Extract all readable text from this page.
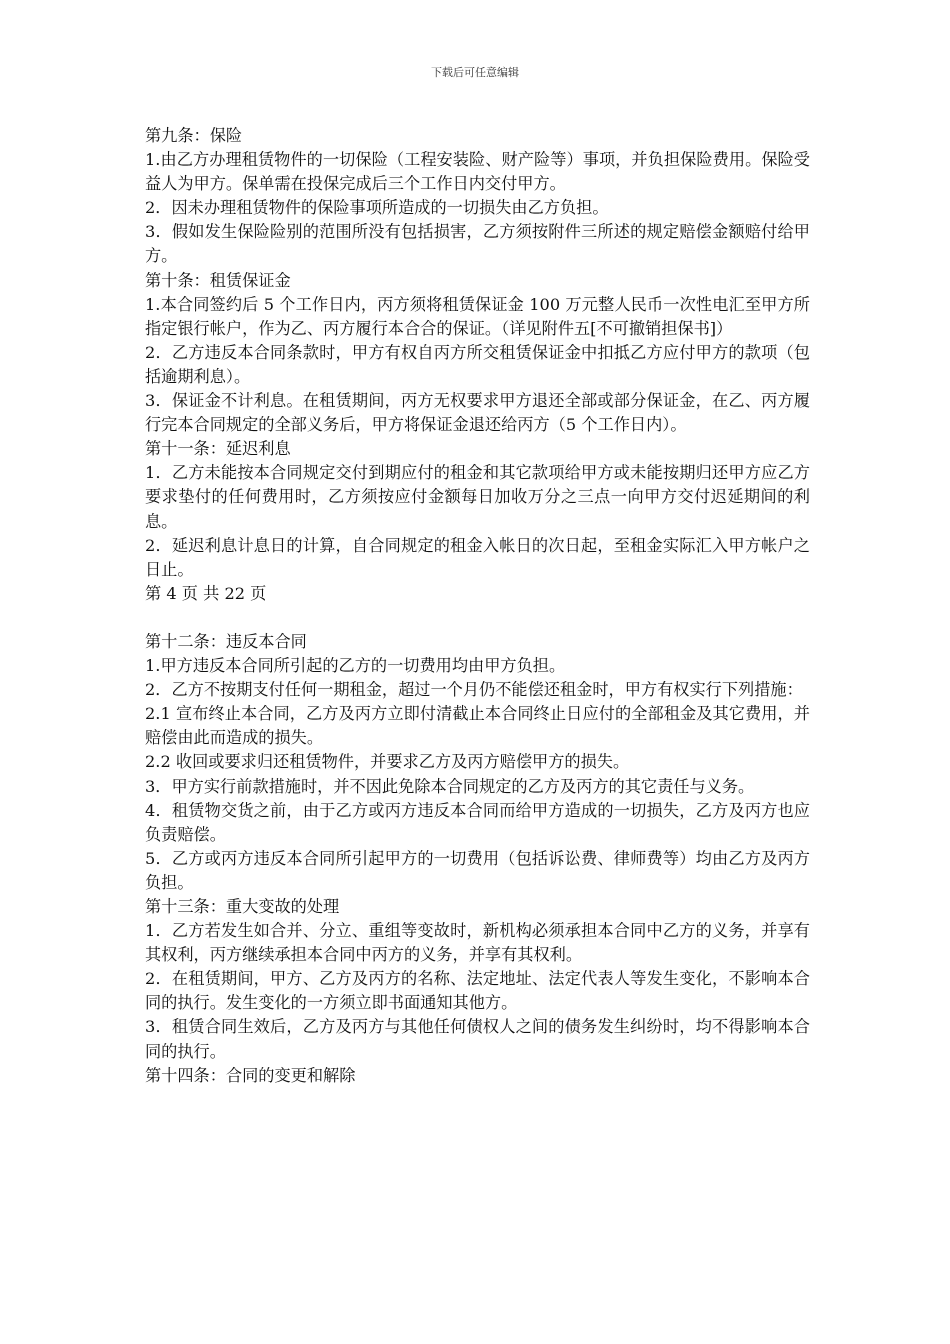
下载后可任意编辑

第九条：保险

1.由乙方办理租赁物件的一切保险（工程安装险、财产险等）事项，并负担保险费用。保险受益人为甲方。保单需在投保完成后三个工作日内交付甲方。

2．因未办理租赁物件的保险事项所造成的一切损失由乙方负担。

3．假如发生保险险别的范围所没有包括损害，乙方须按附件三所述的规定赔偿金额赔付给甲方。

第十条：租赁保证金

1.本合同签约后 5 个工作日内，丙方须将租赁保证金 100 万元整人民币一次性电汇至甲方所指定银行帐户，作为乙、丙方履行本合合的保证。（详见附件五[不可撤销担保书]）

2．乙方违反本合同条款时，甲方有权自丙方所交租赁保证金中扣抵乙方应付甲方的款项（包括逾期利息）。

3．保证金不计利息。在租赁期间，丙方无权要求甲方退还全部或部分保证金，在乙、丙方履行完本合同规定的全部义务后，甲方将保证金退还给丙方（5 个工作日内）。

第十一条：延迟利息

1．乙方未能按本合同规定交付到期应付的租金和其它款项给甲方或未能按期归还甲方应乙方要求垫付的任何费用时，乙方须按应付金额每日加收万分之三点一向甲方交付迟延期间的利息。

2．延迟利息计息日的计算，自合同规定的租金入帐日的次日起，至租金实际汇入甲方帐户之日止。

第 4 页 共 22 页

第十二条：违反本合同

1.甲方违反本合同所引起的乙方的一切费用均由甲方负担。

2．乙方不按期支付任何一期租金，超过一个月仍不能偿还租金时，甲方有权实行下列措施：

2.1 宣布终止本合同，乙方及丙方立即付清截止本合同终止日应付的全部租金及其它费用，并赔偿由此而造成的损失。

2.2 收回或要求归还租赁物件，并要求乙方及丙方赔偿甲方的损失。

3．甲方实行前款措施时，并不因此免除本合同规定的乙方及丙方的其它责任与义务。

4．租赁物交货之前，由于乙方或丙方违反本合同而给甲方造成的一切损失，乙方及丙方也应负责赔偿。

5．乙方或丙方违反本合同所引起甲方的一切费用（包括诉讼费、律师费等）均由乙方及丙方负担。

第十三条：重大变故的处理

1．乙方若发生如合并、分立、重组等变故时，新机构必须承担本合同中乙方的义务，并享有其权利，丙方继续承担本合同中丙方的义务，并享有其权利。

2．在租赁期间，甲方、乙方及丙方的名称、法定地址、法定代表人等发生变化，不影响本合同的执行。发生变化的一方须立即书面通知其他方。

3．租赁合同生效后，乙方及丙方与其他任何债权人之间的债务发生纠纷时，均不得影响本合同的执行。

第十四条：合同的变更和解除
